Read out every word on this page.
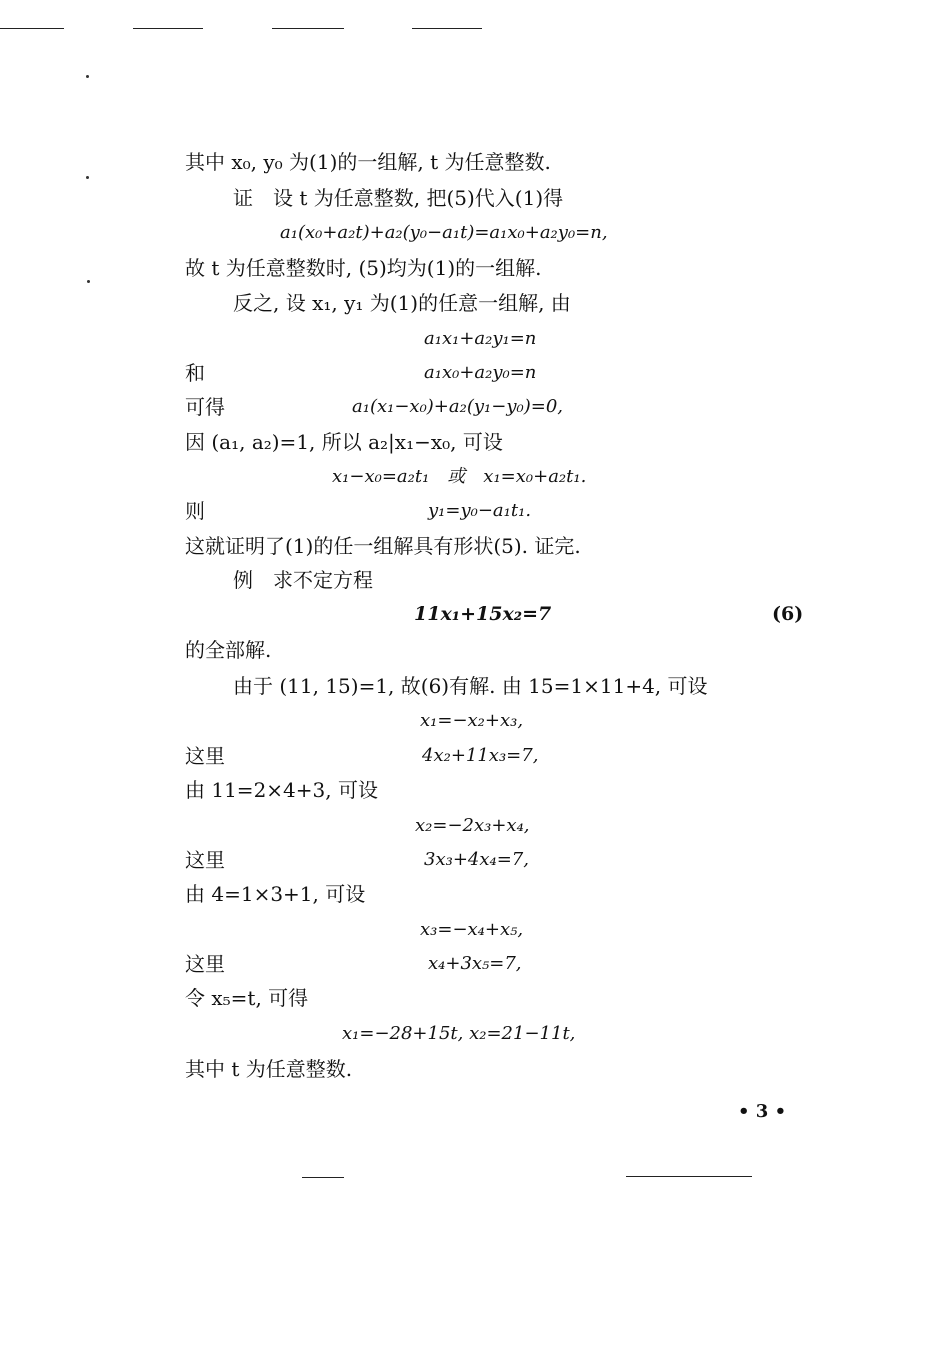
其中 x₀, y₀ 为(1)的一组解, t 为任意整数.
证　设 t 为任意整数, 把(5)代入(1)得
a₁(x₀+a₂t)+a₂(y₀−a₁t)=a₁x₀+a₂y₀=n,
故 t 为任意整数时, (5)均为(1)的一组解.
反之, 设 x₁, y₁ 为(1)的任意一组解, 由
a₁x₁+a₂y₁=n
和	a₁x₀+a₂y₀=n
可得	a₁(x₁−x₀)+a₂(y₁−y₀)=0,
因 (a₁, a₂)=1, 所以 a₂|x₁−x₀, 可设
x₁−x₀=a₂t₁　或　x₁=x₀+a₂t₁.
则	y₁=y₀−a₁t₁.
这就证明了(1)的任一组解具有形状(5). 证完.
例　求不定方程
11x₁+15x₂=7	(6)
的全部解.
由于 (11, 15)=1, 故(6)有解. 由 15=1×11+4, 可设
x₁=−x₂+x₃,
这里	4x₂+11x₃=7,
由 11=2×4+3, 可设
x₂=−2x₃+x₄,
这里	3x₃+4x₄=7,
由 4=1×3+1, 可设
x₃=−x₄+x₅,
这里	x₄+3x₅=7,
令 x₅=t, 可得
x₁=−28+15t, x₂=21−11t,
其中 t 为任意整数.
• 3 •
